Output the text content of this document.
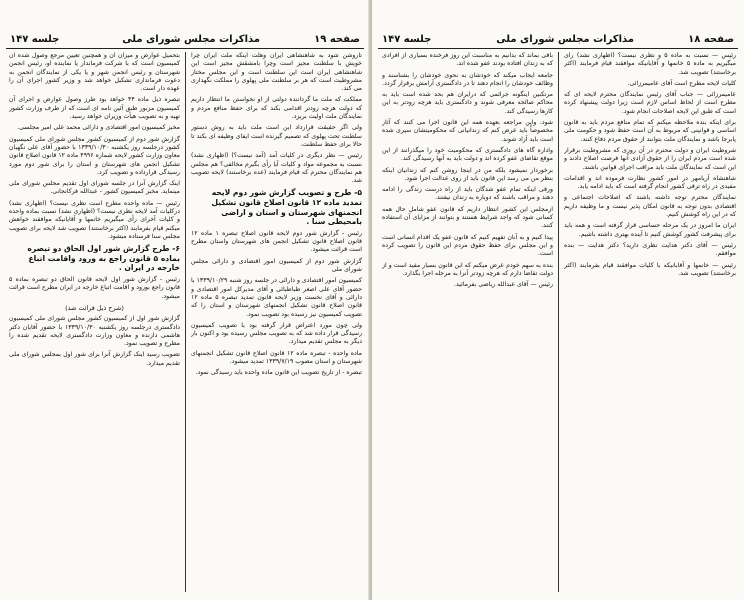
صفحه ۱۹
مذاکرات مجلس شورای ملی
جلسه ۱۴۷

تاروشن شود به شاهنشاهی ایران وهلت اینکه ملت ایران چرا خویش با سلطنت مجیز است وچرا بامشقش مجیز است این شاهنشاهی ایران است این سلطنت است و این مجلس مختار مشروطیت است که هر بر سلطنت ملی پهلوی را مملکت نگهداری می کند.

مملکت که ملت ما گرداننده دولتی از او نخواستن ما انتظار داریم که دولت هرچه زودتر اقدامی بکند که برای حفظ منافع مردم و نمایندگان ملت اولیت بریزد.

ولی اگر حقیقت قرارداد این است ملت باید به روش دستور سلطنت تحت پهلوی که تصمیم گیرنده است ایفای وظیفه ای بکند تا حالا برای حفظ سلطنت.

رئیس — نظر دیگری در کلیات آمد (آمد نیست؟) (اظهاری نشد) نسبت به مجموعه مواد و کلیات آیا رأی بگیرم مخالفی؟ هم مجلس هم نمایندگان محترم که قیام فرمایند (عده برخاستند) لایحه تصویب شد.

۵- طرح و تصویب گزارش شور دوم لایحه تمدید ماده ۱۲ قانون اصلاح قانون تشکیل انجمنهای شهرستان و استان و اراضی بامحیطی سنا .

رئیس - گزارش شور دوم لایحه قانون اصلاح تبصره ۱ ماده ۱۲ قانون اصلاح قانون تشکیل انجمن های شهرستان واستان مطرح است قرائت میشود.

گزارش شور دوم از کمیسیون امور اقتصادی و دارائی مجلس شورای ملی

کمیسیون امور اقتصادی و دارائی در جلسه روز شنبه ۱۳۳۹/۱۰/۲۹ با حضور آقای علی اصغر طباطبائی و آقای مدیرکل امور اقتصادی و دارائی و آقای نخست وزیر لایحه قانون تمدید تبصره ۵ ماده ۱۲ قانون اصلاح قانون تشکیل انجمنهای شهرستان و استان را که تصویب کمیسیون نیز رسیده بود تصویب نمود.

ولی چون مورد اعتراض قرار گرفته بود با تصویب کمیسیون رسیدگی قرار داده شد که به تصویب مجلس رسیده بود و اکنون بار دیگر به مجلس تقدیم میدارد.

ماده واحده - تبصره ماده ۱۲ قانون اصلاح قانون تشکیل انجمنهای شهرستان و استان مصوب ۱۳۳۹/۷/۱۹ تمدید میشود.

تبصره - از تاریخ تصویب این قانون ماده واحده باید رسیدگی نمود.

بتحمیل عوارض و میزان آن و همچنین تعیین مرجع وصول شده آن کمیسیون است که با شرکت فرماندار یا نماینده او، رئیس انجمن شهرستان و رئیس انجمن شهر و یا یکی از نمایندگان انجمن به دعوت فرمانداری تشکیل خواهد شد و وزیر کشور اجرای آن را عهده دار است.

تبصره ذیل ماده ۴۴ خواهد بود طرز وصول عوارض و اجرای آن کمیسیون مزبور طبق آئین نامه ای است که از طرف وزارت کشور تهیه و به تصویب هیأت وزیران خواهد رسید.

مخبر کمیسیون امور اقتصادی و دارائی محمد علی امیر مجلسی.

گزارش شور دوم از کمیسیون کشور مجلس شورای ملی کمیسیون کشور درجلسه روز یکشنبه ۱۳۳۹/۱۰/۳۰ با حضور آقای علی نگهبان معاون وزارت کشور لایحه شماره ۴۹۹۶ ماده ۱۲ قانون اصلاح قانون تشکیل انجمن های شهرستان و استان را برای شور دوم مورد رسیدگی قرارداده و تصویب کرد.

اینک گزارش آنرا در جلسه شورای اول تقدیم مجلس شورای ملی مینماید. مخبر کمیسیون کشور - عبدالله فرکانجانی.

رئیس — ماده واحده مطرح است نظری نیست؟ (اظهاری نشد) درکلیات آمد لایحه نظری نیست؟ (اظهاری نشد) نسبت بماده واحده و کلیات آخرای رأی میگیریم خانمها و آقایانیکه موافقند خواهش میکنم قیام بفرمایند (اکثر برخاستند) تصویب شد لایحه برای تصویب مجلس سنا فرستاده میشود.

۶- طرح گزارش شور اول الحاق دو تبصره بماده ۵ قانون راجع به ورود واقامت اتباع خارجه در ایران .

رئیس - گزارش شور اول لایحه قانون الحاق دو تبصره بماده ۵ قانون راجع بورود و اقامت اتباع خارجه در ایران مطرح است قرائت میشود.

(شرح ذیل قرائت شد)

گزارش شور اول از کمیسیون کشور مجلس شورای ملی کمیسیون دادگستری درجلسه روز یکشنبه ۱۳۳۹/۱۰/۳۰ با حضور آقایان دکتر هاشمی دارنده و معاون وزارت دادگستری لایحه تقدیم شده را مطرح و تصویب نمود.

تصویب رسید اینک گزارش آنرا برای شور اول بمجلس شورای ملی تقدیم میدارد.

صفحه ۱۸
مذاکرات مجلس شورای ملی
جلسه ۱۴۷

رئیس — نسبت به ماده ۵ و نظری نیست؟ (اظهاری نشد) رأی میگیریم به ماده ۵ خانمها و آقایانیکه موافقند قیام فرمایند (اکثر برخاستند) تصویب شد.

کلیات لایحه مطرح است آقای عامیمرزائی.

عامیمرزائی — جناب آقای رئیس نمایندگان محترم لایحه ای که مطرح است از لحاظ اساس لازم است زیرا دولت پیشنهاد کرده است که طبق این لایحه اصلاحات انجام شود.

برای اینکه بنده ملاحظه میکنم که تمام منافع مردم باید به قانون اساسی و قوانینی که مربوط به آن است حفظ شود و حکومت ملی پابرجا باشد و نمایندگان ملت بتوانند از حقوق مردم دفاع کنند.

شروطیت ایران و دولت محترم در آن روزی که مشروطیت برقرار شده است مردم ایران را از حقوق آزادی آنها فرصت اصلاح دادند و این است که نمایندگان ملت باید مراقب اجرای قوانین باشند.

شاهنشاه آریامهر در امور کشور نظارت فرموده اند و اقدامات مفیدی در راه ترقی کشور انجام گرفته است که باید ادامه یابد.

نمایندگان محترم توجه داشته باشند که اصلاحات اجتماعی و اقتصادی بدون توجه به قانون امکان پذیر نیست و ما وظیفه داریم که در این راه کوشش کنیم.

ایران ما امروز در یک مرحله حساسی قرار گرفته است و همه باید برای پیشرفت کشور کوشش کنیم تا آینده بهتری داشته باشیم.

رئیس — آقای دکتر هدایت نظری دارید؟ دکتر هدایت — بنده موافقم.

رئیس — خانمها و آقایانیکه با کلیات موافقند قیام بفرمایند (اکثر برخاستند) تصویب شد.

باقی بماند که بدانیم به مناسبت این روز فرخنده بسیاری از افرادی که به زندان افتاده بودند عفو شده اند.

جامعه ایجاب میکند که خودشان به نحوی خودشان را بشناسند و وظائف خودشان را انجام دهند تا در دادگستری آرامش برقرار گردد.

مرتکبین اینگونه جرائمی که درایران هم بحد شده است باید به محاکم صالحه معرفی شوند و دادگستری باید هرچه زودتر به این کارها رسیدگی کند.

شود، واین مراجعه بعهده همه این قانون اجرا می کنند که آثار مخصوصاً باید عرض کنم که زندانیانی که محکومیتشان سپری شده است باید آزاد شوند.

واداره گاه های دادگستری که محکومیت خود را میگذرانند از این موقع تقاضای عفو کرده اند و دولت باید به آنها رسیدگی کند.

برخوردار نمیشود بلکه من در اینجا روشن کنم که زندانیان اینکه بنظر من می رسد این قانون باید از روی عدالت اجرا شود.

ورقی اینکه تمام عفو شدگان باید از راه درست زندگی را ادامه دهند و مراقب باشند که دوباره به زندان نیفتند.

ازمجلس این کشور انتظار داریم که قانون عفو شامل حال همه کسانی شود که واجد شرایط هستند و بتوانند از مزایای آن استفاده کنند.

پیدا کنیم و به آنان تفهیم کنیم که قانون عفو یک اقدام انسانی است و این مجلس برای حفظ حقوق مردم این قانون را تصویب کرده است.

بنده به سهم خودم عرض میکنم که این قانون بسیار مفید است و از دولت تقاضا دارم که هرچه زودتر آنرا به مرحله اجرا بگذارد.

رئیس — آقای عبدالله ریاضی بفرمائید.
